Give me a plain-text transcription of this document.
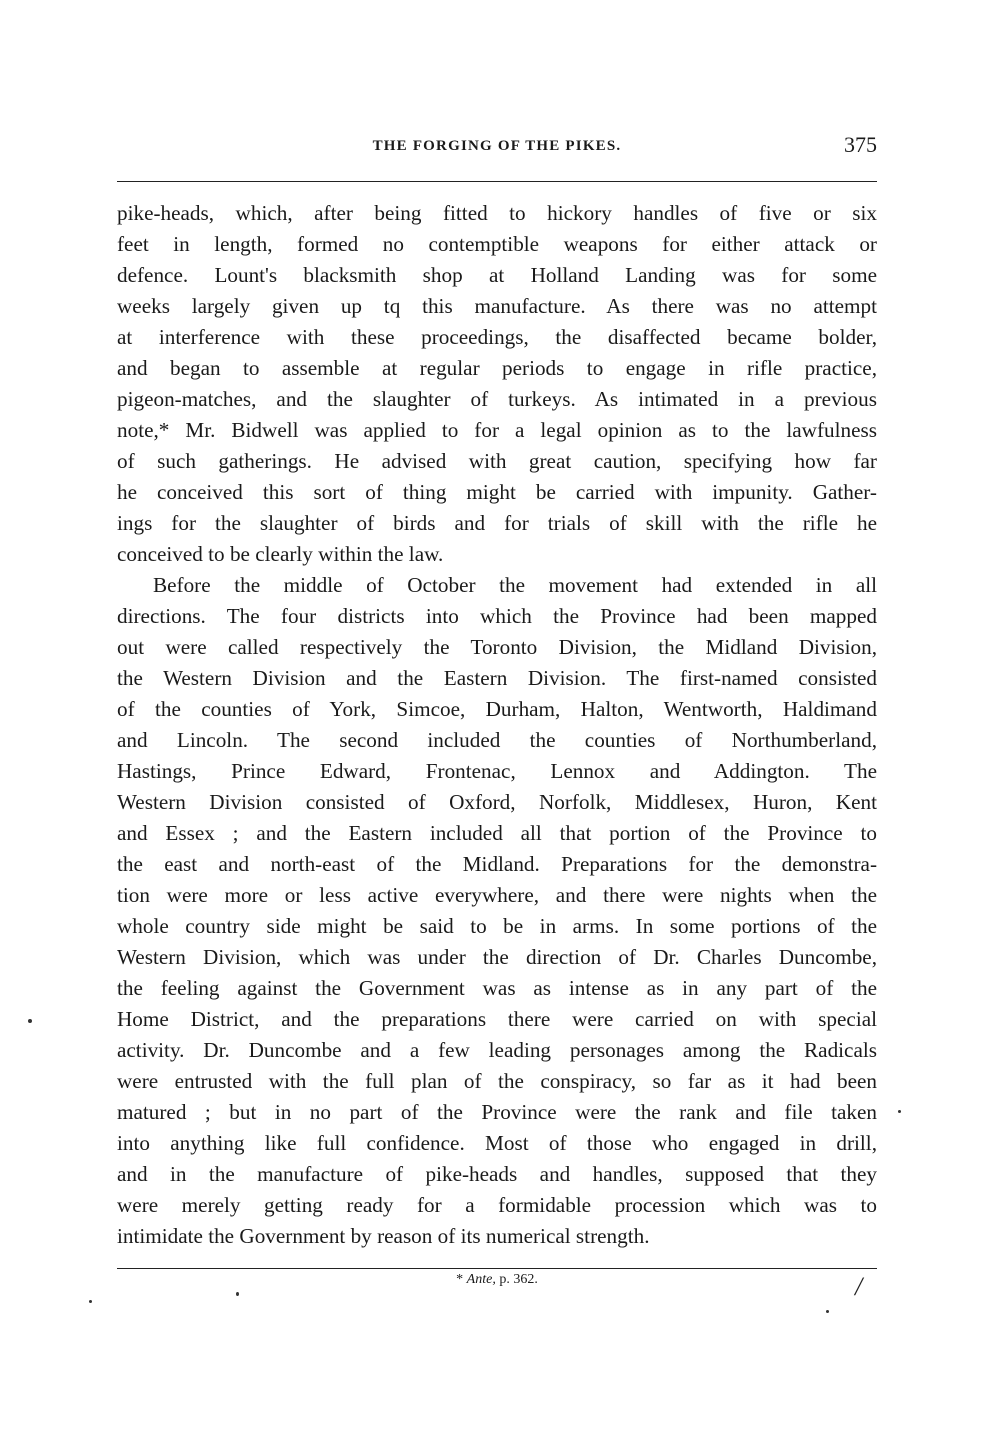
THE FORGING OF THE PIKES.	375
pike-heads, which, after being fitted to hickory handles of five or six
feet in length, formed no contemptible weapons for either attack or
defence. Lount's blacksmith shop at Holland Landing was for some
weeks largely given up tq this manufacture. As there was no attempt
at interference with these proceedings, the disaffected became bolder,
and began to assemble at regular periods to engage in rifle practice,
pigeon-matches, and the slaughter of turkeys. As intimated in a previous
note,* Mr. Bidwell was applied to for a legal opinion as to the lawfulness
of such gatherings. He advised with great caution, specifying how far
he conceived this sort of thing might be carried with impunity. Gather-
ings for the slaughter of birds and for trials of skill with the rifle he
conceived to be clearly within the law.
Before the middle of October the movement had extended in all
directions. The four districts into which the Province had been mapped
out were called respectively the Toronto Division, the Midland Division,
the Western Division and the Eastern Division. The first-named consisted
of the counties of York, Simcoe, Durham, Halton, Wentworth, Haldimand
and Lincoln. The second included the counties of Northumberland,
Hastings, Prince Edward, Frontenac, Lennox and Addington. The
Western Division consisted of Oxford, Norfolk, Middlesex, Huron, Kent
and Essex ; and the Eastern included all that portion of the Province to
the east and north-east of the Midland. Preparations for the demonstra-
tion were more or less active everywhere, and there were nights when the
whole country side might be said to be in arms. In some portions of the
Western Division, which was under the direction of Dr. Charles Duncombe,
the feeling against the Government was as intense as in any part of the
Home District, and the preparations there were carried on with special
activity. Dr. Duncombe and a few leading personages among the Radicals
were entrusted with the full plan of the conspiracy, so far as it had been
matured ; but in no part of the Province were the rank and file taken
into anything like full confidence. Most of those who engaged in drill,
and in the manufacture of pike-heads and handles, supposed that they
were merely getting ready for a formidable procession which was to
intimidate the Government by reason of its numerical strength.
* Ante, p. 362.	/
